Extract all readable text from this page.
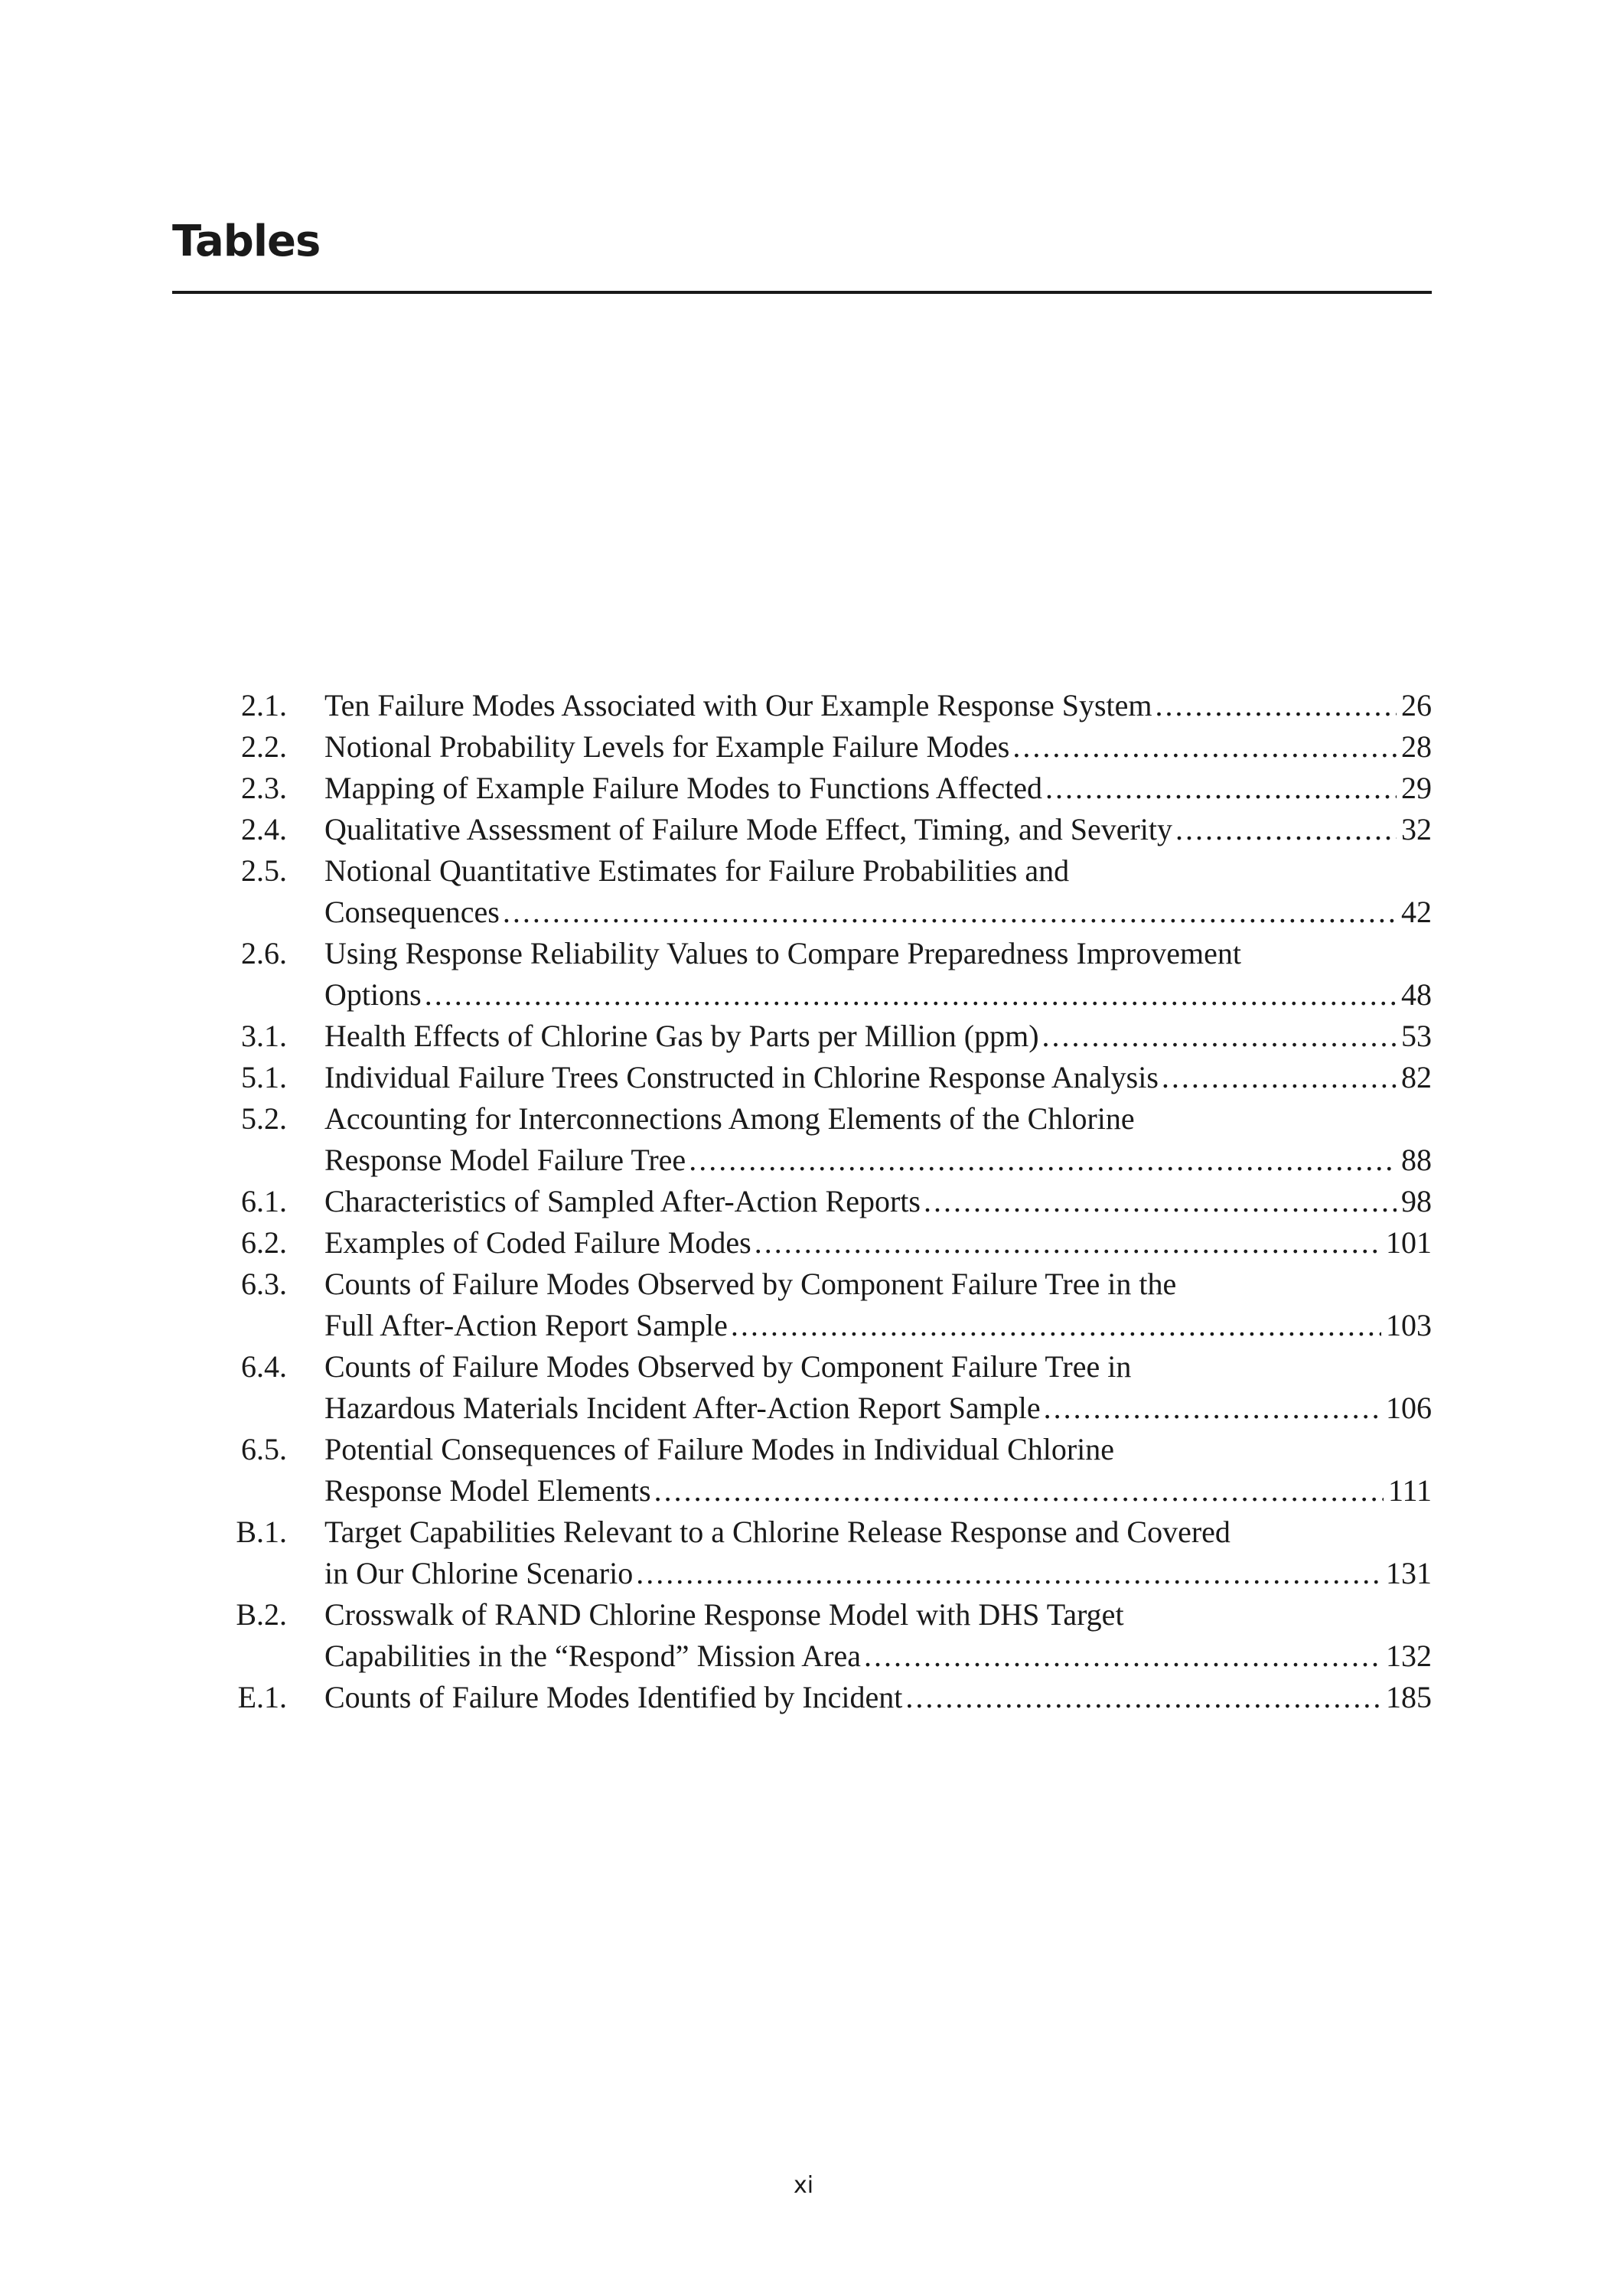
Tables
2.1. Ten Failure Modes Associated with Our Example Response System .....	26
2.2. Notional Probability Levels for Example Failure Modes .....	28
2.3. Mapping of Example Failure Modes to Functions Affected .....	29
2.4. Qualitative Assessment of Failure Mode Effect, Timing, and Severity .....	32
2.5. Notional Quantitative Estimates for Failure Probabilities and
Consequences .....	42
2.6. Using Response Reliability Values to Compare Preparedness Improvement
Options .....	48
3.1. Health Effects of Chlorine Gas by Parts per Million (ppm) .....	53
5.1. Individual Failure Trees Constructed in Chlorine Response Analysis .....	82
5.2. Accounting for Interconnections Among Elements of the Chlorine
Response Model Failure Tree .....	88
6.1. Characteristics of Sampled After-Action Reports .....	98
6.2. Examples of Coded Failure Modes .....	101
6.3. Counts of Failure Modes Observed by Component Failure Tree in the
Full After-Action Report Sample .....	103
6.4. Counts of Failure Modes Observed by Component Failure Tree in
Hazardous Materials Incident After-Action Report Sample .....	106
6.5. Potential Consequences of Failure Modes in Individual Chlorine
Response Model Elements .....	111
B.1. Target Capabilities Relevant to a Chlorine Release Response and Covered
in Our Chlorine Scenario .....	131
B.2. Crosswalk of RAND Chlorine Response Model with DHS Target
Capabilities in the “Respond” Mission Area .....	132
E.1. Counts of Failure Modes Identified by Incident .....	185
xi
